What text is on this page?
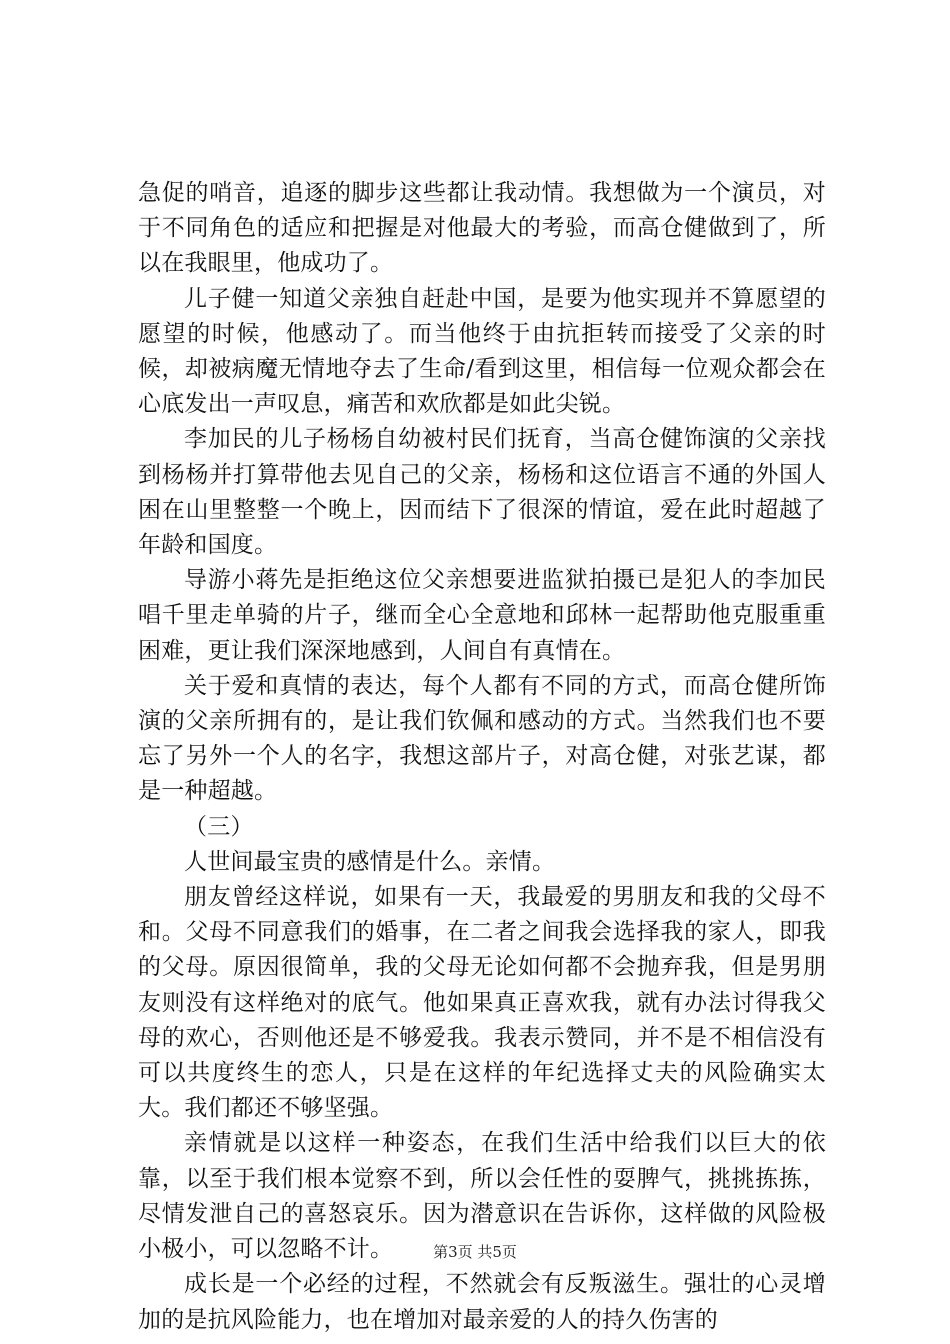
急促的哨音，追逐的脚步这些都让我动情。我想做为一个演员，对于不同角色的适应和把握是对他最大的考验，而高仓健做到了，所以在我眼里，他成功了。

儿子健一知道父亲独自赶赴中国，是要为他实现并不算愿望的愿望的时候，他感动了。而当他终于由抗拒转而接受了父亲的时候，却被病魔无情地夺去了生命/看到这里，相信每一位观众都会在心底发出一声叹息，痛苦和欢欣都是如此尖锐。

李加民的儿子杨杨自幼被村民们抚育，当高仓健饰演的父亲找到杨杨并打算带他去见自己的父亲，杨杨和这位语言不通的外国人困在山里整整一个晚上，因而结下了很深的情谊，爱在此时超越了年龄和国度。

导游小蒋先是拒绝这位父亲想要进监狱拍摄已是犯人的李加民唱千里走单骑的片子，继而全心全意地和邱林一起帮助他克服重重困难，更让我们深深地感到，人间自有真情在。

关于爱和真情的表达，每个人都有不同的方式，而高仓健所饰演的父亲所拥有的，是让我们钦佩和感动的方式。当然我们也不要忘了另外一个人的名字，我想这部片子，对高仓健，对张艺谋，都是一种超越。

（三）

人世间最宝贵的感情是什么。亲情。

朋友曾经这样说，如果有一天，我最爱的男朋友和我的父母不和。父母不同意我们的婚事，在二者之间我会选择我的家人，即我的父母。原因很简单，我的父母无论如何都不会抛弃我，但是男朋友则没有这样绝对的底气。他如果真正喜欢我，就有办法讨得我父母的欢心，否则他还是不够爱我。我表示赞同，并不是不相信没有可以共度终生的恋人，只是在这样的年纪选择丈夫的风险确实太大。我们都还不够坚强。

亲情就是以这样一种姿态，在我们生活中给我们以巨大的依靠，以至于我们根本觉察不到，所以会任性的耍脾气，挑挑拣拣，尽情发泄自己的喜怒哀乐。因为潜意识在告诉你，这样做的风险极小极小，可以忽略不计。

成长是一个必经的过程，不然就会有反叛滋生。强壮的心灵增加的是抗风险能力，也在增加对最亲爱的人的持久伤害的

第3页 共5页
